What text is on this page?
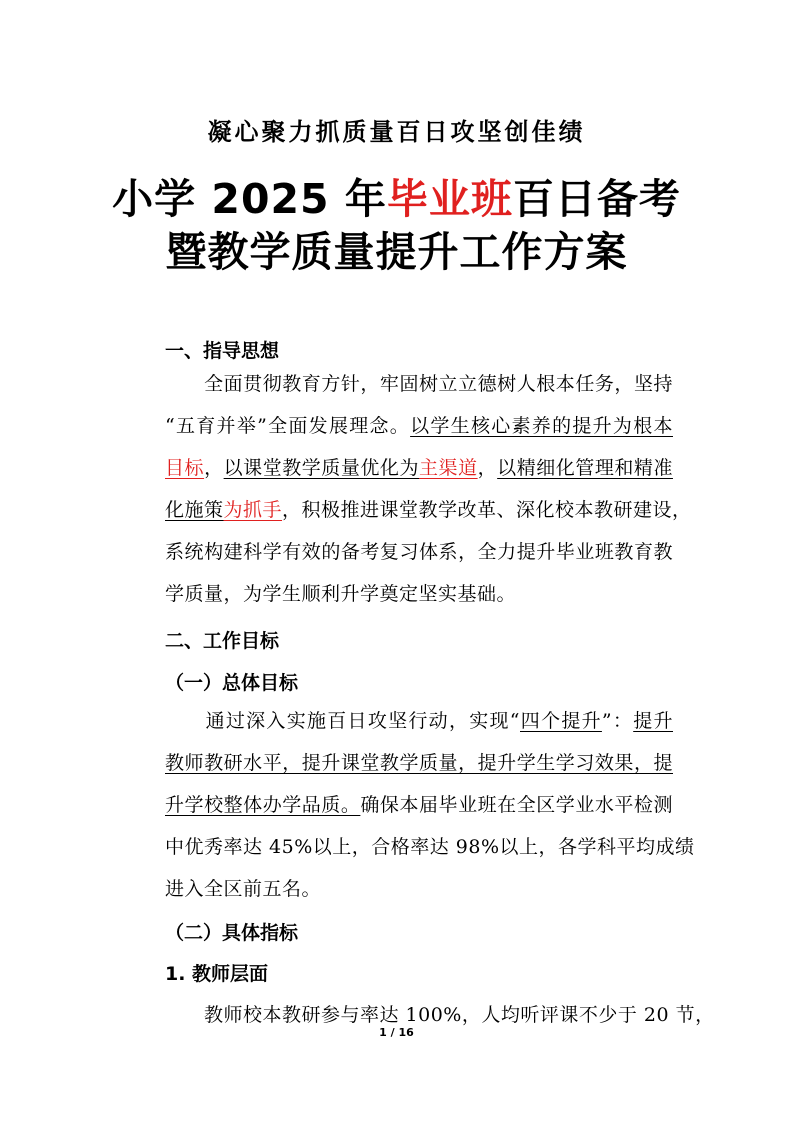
凝心聚力抓质量百日攻坚创佳绩
小学 2025 年毕业班百日备考
暨教学质量提升工作方案
一、指导思想
　　全面贯彻教育方针，牢固树立立德树人根本任务，坚持
“五育并举”全面发展理念。以学生核心素养的提升为根本
目标，以课堂教学质量优化为主渠道，以精细化管理和精准
化施策为抓手，积极推进课堂教学改革、深化校本教研建设，
系统构建科学有效的备考复习体系，全力提升毕业班教育教
学质量，为学生顺利升学奠定坚实基础。
二、工作目标
（一）总体目标
　　通过深入实施百日攻坚行动，实现“四个提升”：提升
教师教研水平，提升课堂教学质量，提升学生学习效果，提
升学校整体办学品质。确保本届毕业班在全区学业水平检测
中优秀率达 45%以上，合格率达 98%以上，各学科平均成绩
进入全区前五名。
（二）具体指标
1. 教师层面
　　教师校本教研参与率达 100%，人均听评课不少于 20 节，
1 / 16
